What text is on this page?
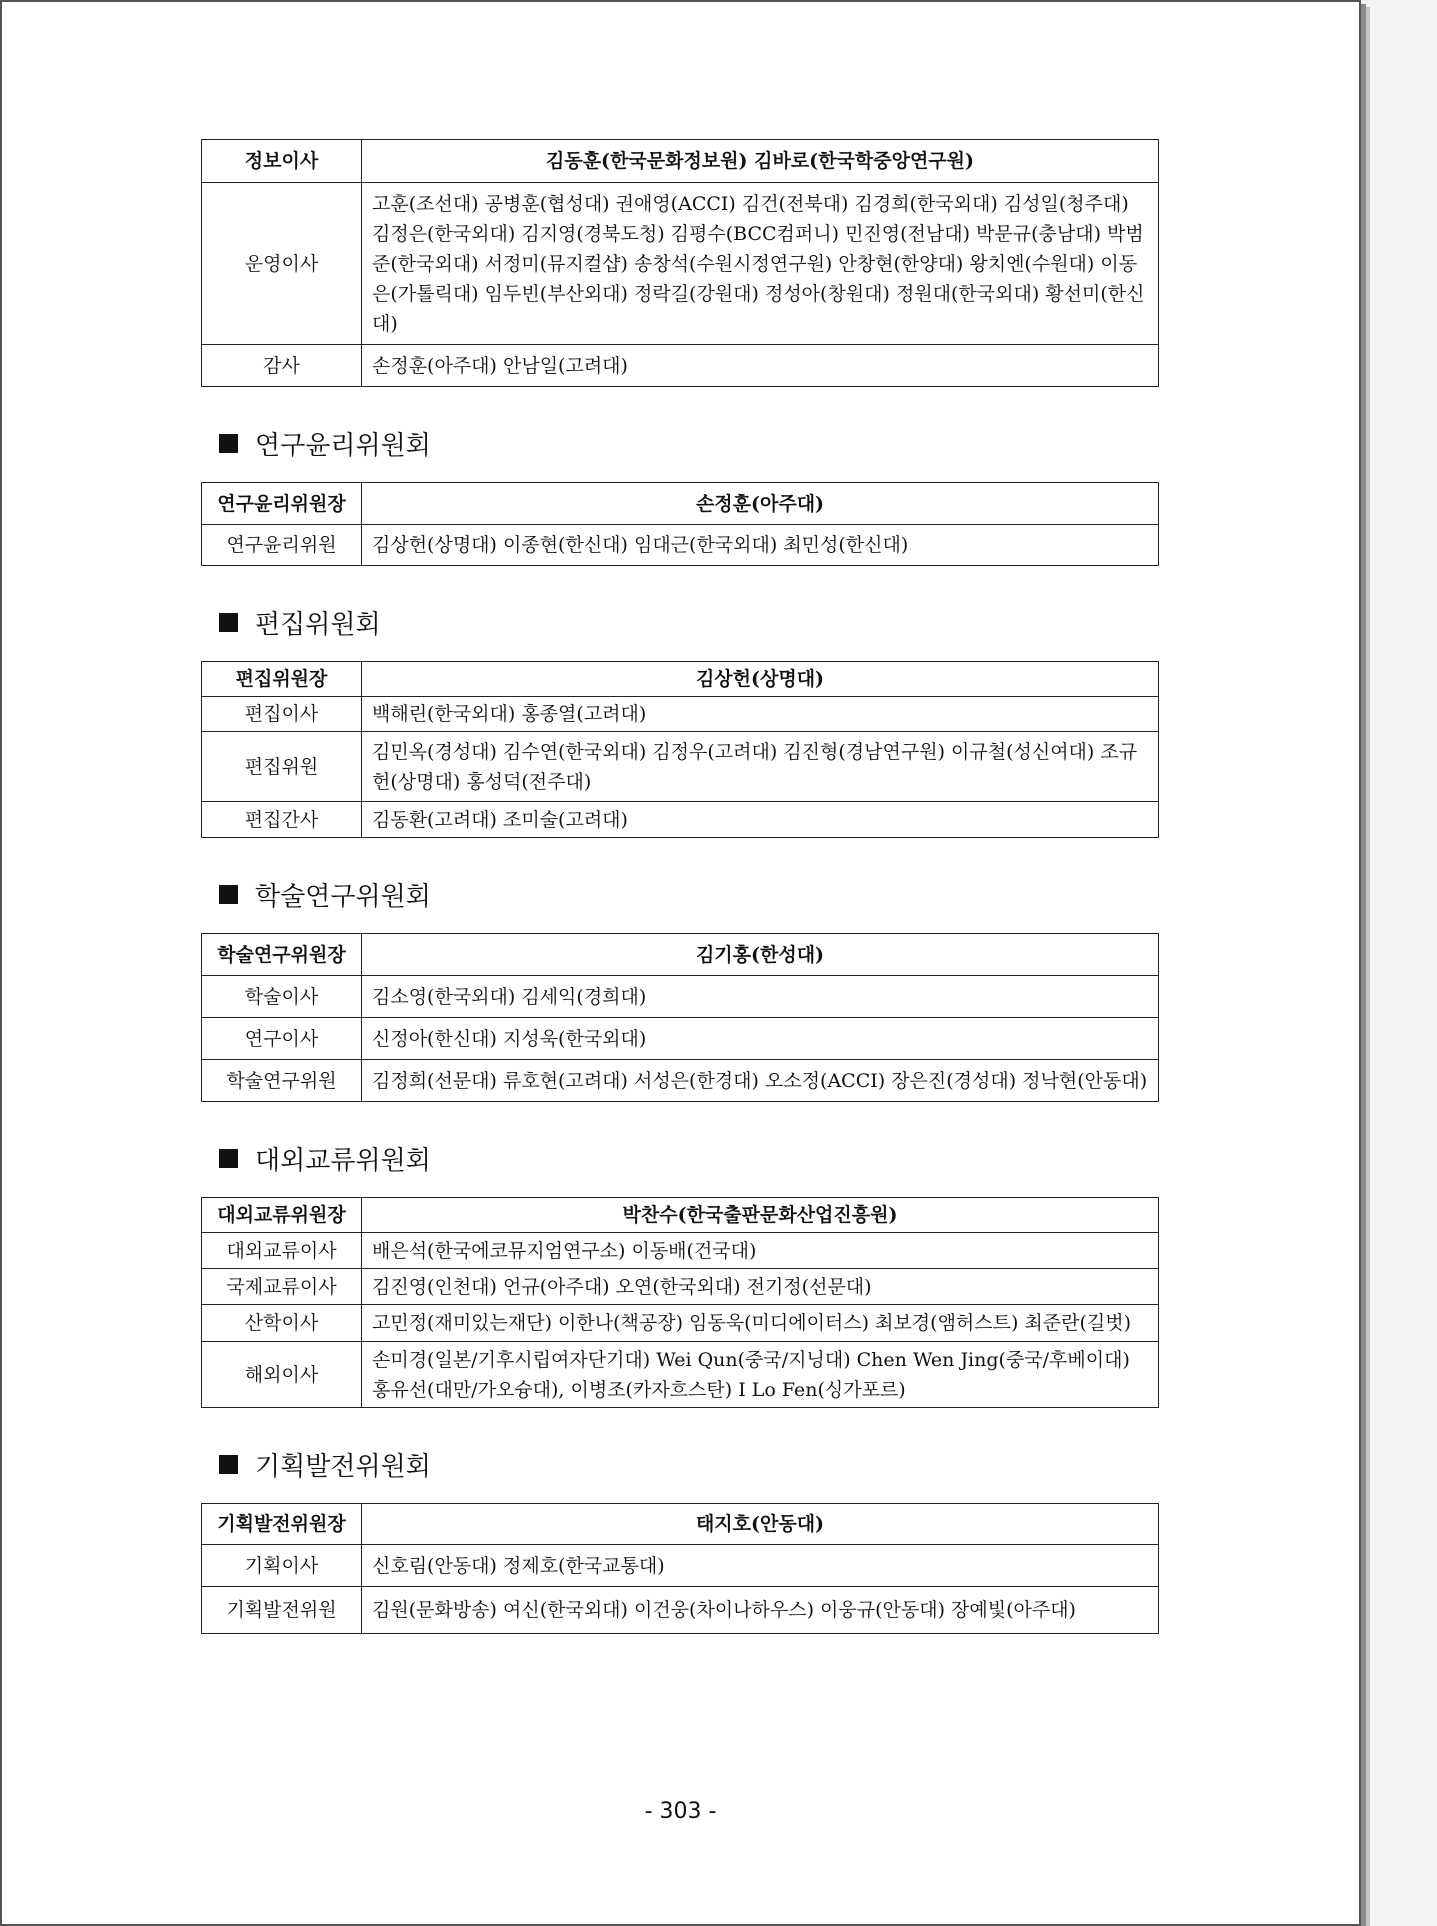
정보이사	김동훈(한국문화정보원) 김바로(한국학중앙연구원)
운영이사	고훈(조선대) 공병훈(협성대) 권애영(ACCI) 김건(전북대) 김경희(한국외대) 김성일(청주대) 김정은(한국외대) 김지영(경북도청) 김평수(BCC컴퍼니) 민진영(전남대) 박문규(충남대) 박범준(한국외대) 서정미(뮤지컬샵) 송창석(수원시정연구원) 안창현(한양대) 왕치엔(수원대) 이동은(가톨릭대) 임두빈(부산외대) 정락길(강원대) 정성아(창원대) 정원대(한국외대) 황선미(한신대)
감사	손정훈(아주대) 안남일(고려대)
연구윤리위원회
연구윤리위원장	손정훈(아주대)
연구윤리위원	김상헌(상명대) 이종현(한신대) 임대근(한국외대) 최민성(한신대)
편집위원회
편집위원장	김상헌(상명대)
편집이사	백해린(한국외대) 홍종열(고려대)
편집위원	김민옥(경성대) 김수연(한국외대) 김정우(고려대) 김진형(경남연구원) 이규철(성신여대) 조규헌(상명대) 홍성덕(전주대)
편집간사	김동환(고려대) 조미술(고려대)
학술연구위원회
학술연구위원장	김기홍(한성대)
학술이사	김소영(한국외대) 김세익(경희대)
연구이사	신정아(한신대) 지성욱(한국외대)
학술연구위원	김정희(선문대) 류호현(고려대) 서성은(한경대) 오소정(ACCI) 장은진(경성대) 정낙현(안동대)
대외교류위원회
대외교류위원장	박찬수(한국출판문화산업진흥원)
대외교류이사	배은석(한국에코뮤지엄연구소) 이동배(건국대)
국제교류이사	김진영(인천대) 언규(아주대) 오연(한국외대) 전기정(선문대)
산학이사	고민정(재미있는재단) 이한나(책공장) 임동욱(미디에이터스) 최보경(앰허스트) 최준란(길벗)
해외이사	손미경(일본/기후시립여자단기대) Wei Qun(중국/지닝대) Chen Wen Jing(중국/후베이대) 홍유선(대만/가오슝대), 이병조(카자흐스탄) I Lo Fen(싱가포르)
기획발전위원회
기획발전위원장	태지호(안동대)
기획이사	신호림(안동대) 정제호(한국교통대)
기획발전위원	김원(문화방송) 여신(한국외대) 이건웅(차이나하우스) 이웅규(안동대) 장예빛(아주대)
- 303 -
